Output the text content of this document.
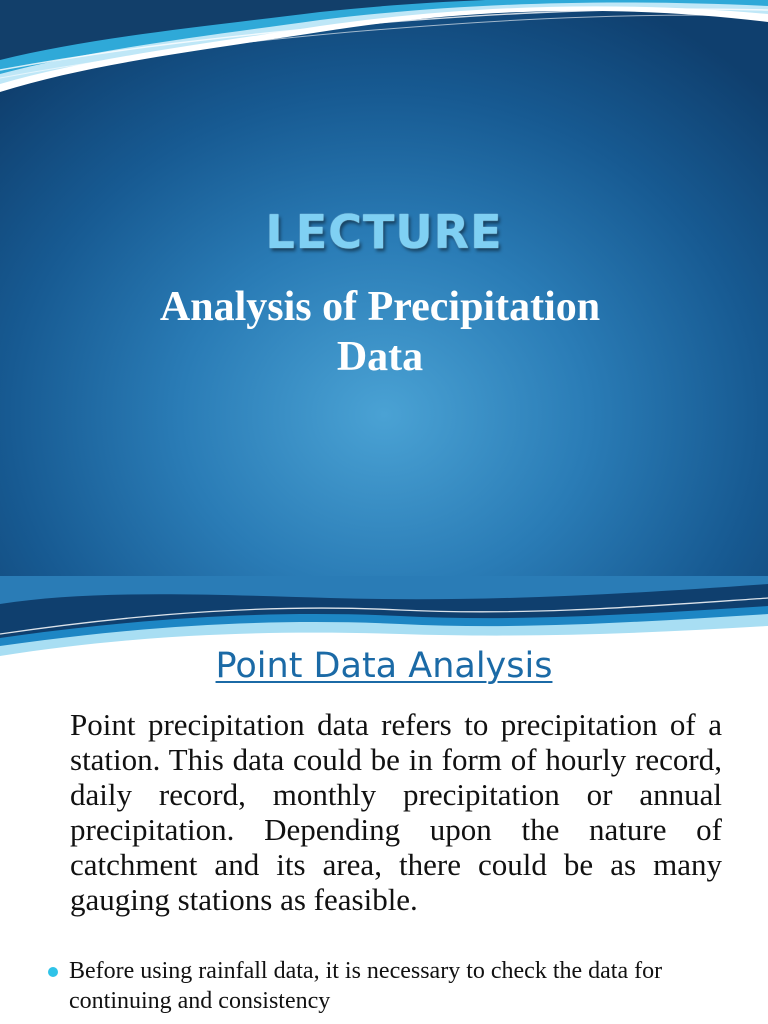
LECTURE
Analysis of Precipitation
Data
Point Data Analysis
Point precipitation data refers to precipitation of a station. This data could be in form of hourly record, daily record, monthly precipitation or annual precipitation. Depending upon the nature of catchment and its area, there could be as many gauging stations as feasible.
Before using rainfall data, it is necessary to check the data for continuing and consistency
